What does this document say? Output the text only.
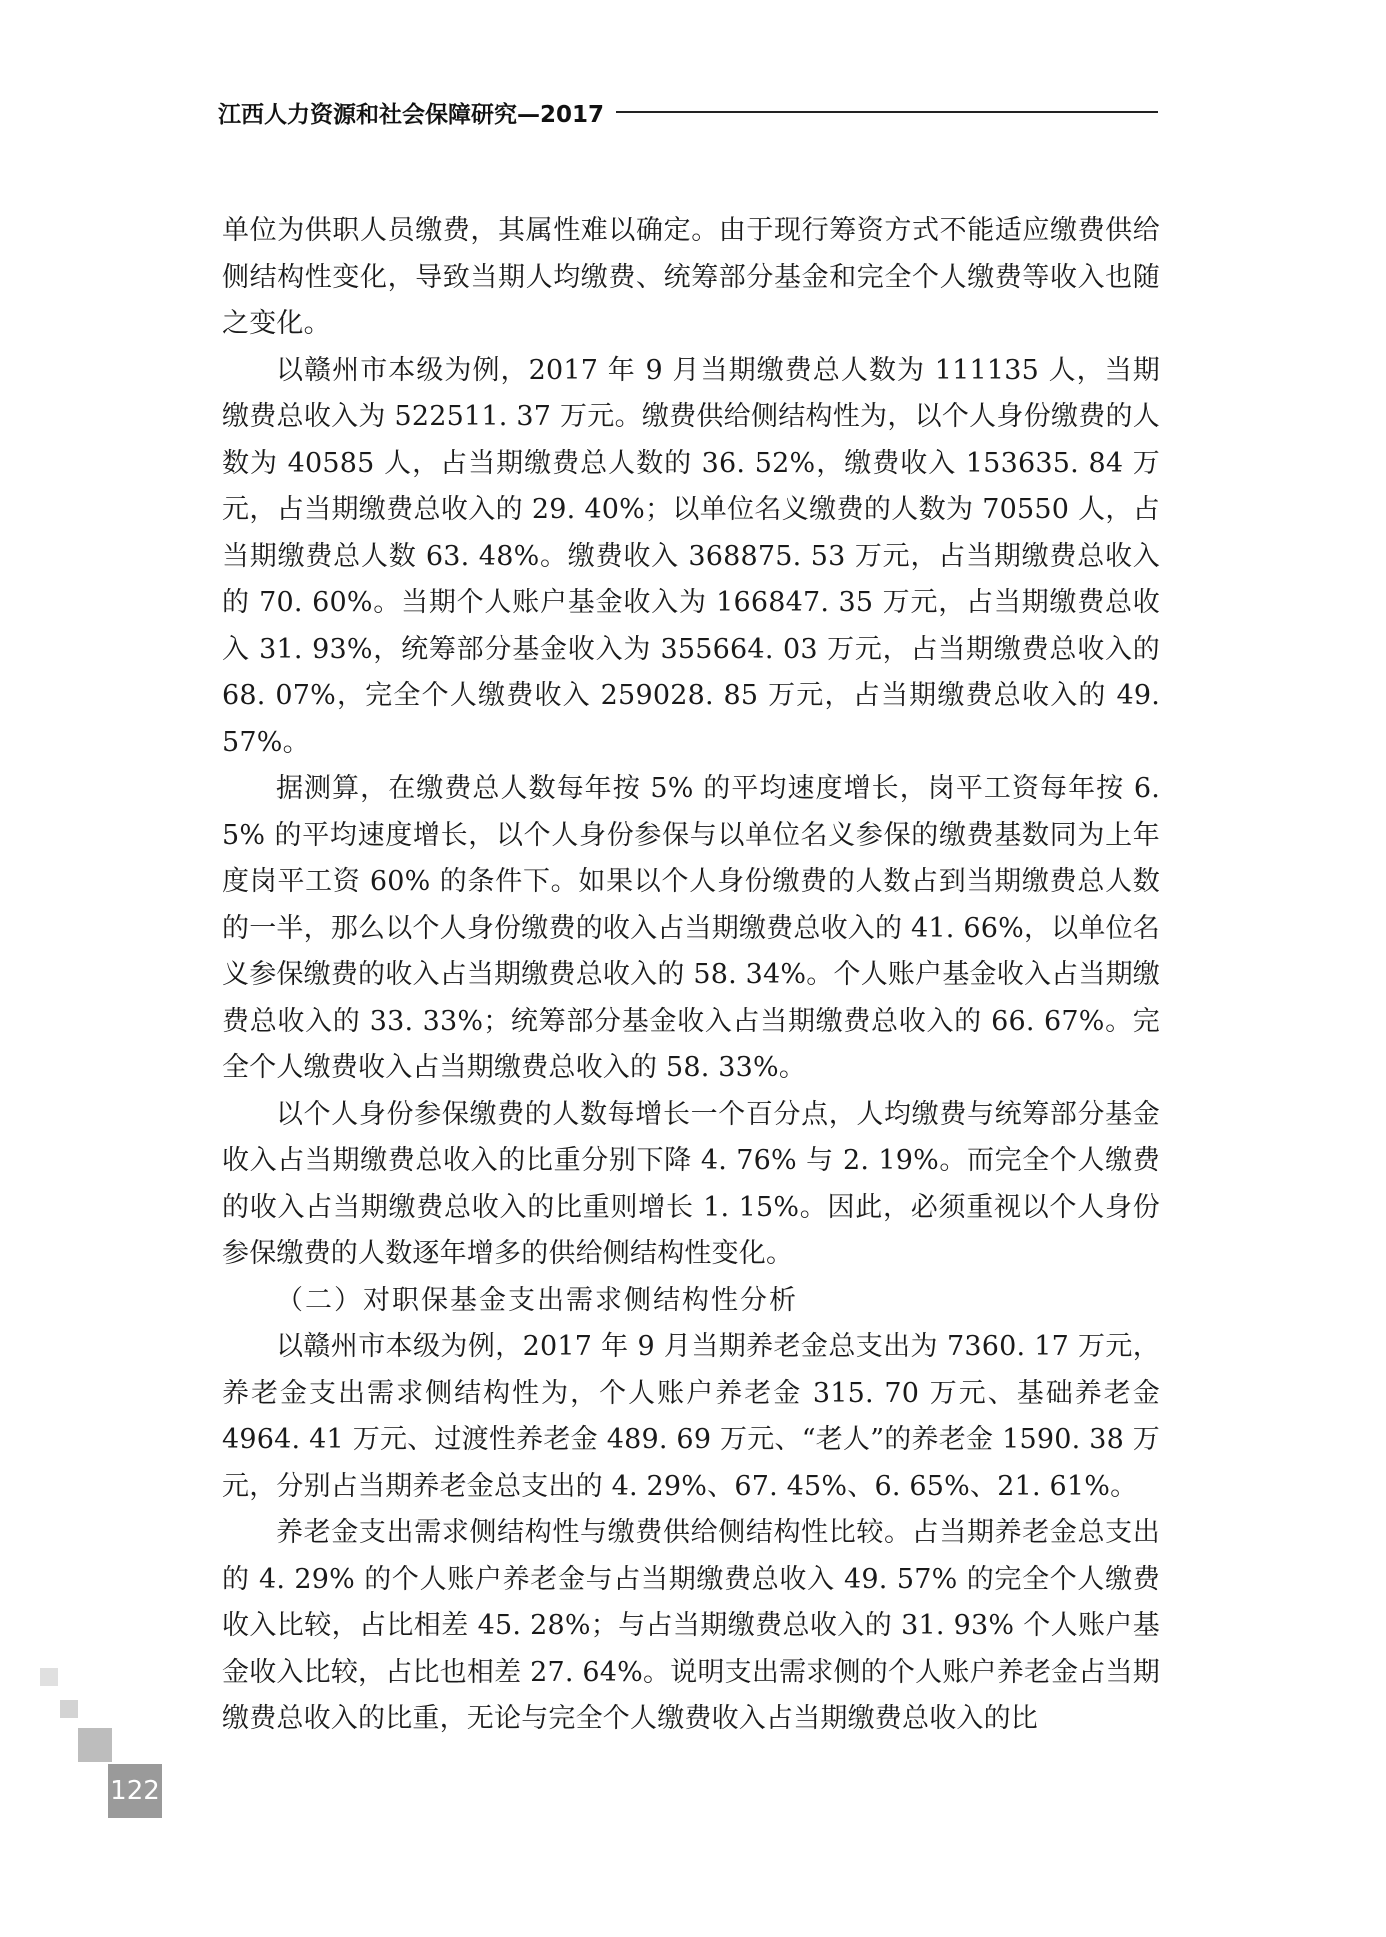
江西人力资源和社会保障研究—2017

单位为供职人员缴费，其属性难以确定。由于现行筹资方式不能适应缴费供给侧结构性变化，导致当期人均缴费、统筹部分基金和完全个人缴费等收入也随之变化。

以赣州市本级为例，2017 年 9 月当期缴费总人数为 111135 人，当期缴费总收入为 522511. 37 万元。缴费供给侧结构性为，以个人身份缴费的人数为 40585 人，占当期缴费总人数的 36. 52%，缴费收入 153635. 84 万元，占当期缴费总收入的 29. 40%；以单位名义缴费的人数为 70550 人，占当期缴费总人数 63. 48%。缴费收入 368875. 53 万元，占当期缴费总收入的 70. 60%。当期个人账户基金收入为 166847. 35 万元，占当期缴费总收入 31. 93%，统筹部分基金收入为 355664. 03 万元，占当期缴费总收入的 68. 07%，完全个人缴费收入 259028. 85 万元，占当期缴费总收入的 49. 57%。

据测算，在缴费总人数每年按 5% 的平均速度增长，岗平工资每年按 6. 5% 的平均速度增长，以个人身份参保与以单位名义参保的缴费基数同为上年度岗平工资 60% 的条件下。如果以个人身份缴费的人数占到当期缴费总人数的一半，那么以个人身份缴费的收入占当期缴费总收入的 41. 66%，以单位名义参保缴费的收入占当期缴费总收入的 58. 34%。个人账户基金收入占当期缴费总收入的 33. 33%；统筹部分基金收入占当期缴费总收入的 66. 67%。完全个人缴费收入占当期缴费总收入的 58. 33%。

以个人身份参保缴费的人数每增长一个百分点，人均缴费与统筹部分基金收入占当期缴费总收入的比重分别下降 4. 76% 与 2. 19%。而完全个人缴费的收入占当期缴费总收入的比重则增长 1. 15%。因此，必须重视以个人身份参保缴费的人数逐年增多的供给侧结构性变化。

（二）对职保基金支出需求侧结构性分析

以赣州市本级为例，2017 年 9 月当期养老金总支出为 7360. 17 万元，养老金支出需求侧结构性为，个人账户养老金 315. 70 万元、基础养老金 4964. 41 万元、过渡性养老金 489. 69 万元、“老人”的养老金 1590. 38 万元，分别占当期养老金总支出的 4. 29%、67. 45%、6. 65%、21. 61%。

养老金支出需求侧结构性与缴费供给侧结构性比较。占当期养老金总支出的 4. 29% 的个人账户养老金与占当期缴费总收入 49. 57% 的完全个人缴费收入比较，占比相差 45. 28%；与占当期缴费总收入的 31. 93% 个人账户基金收入比较，占比也相差 27. 64%。说明支出需求侧的个人账户养老金占当期缴费总收入的比重，无论与完全个人缴费收入占当期缴费总收入的比

122
